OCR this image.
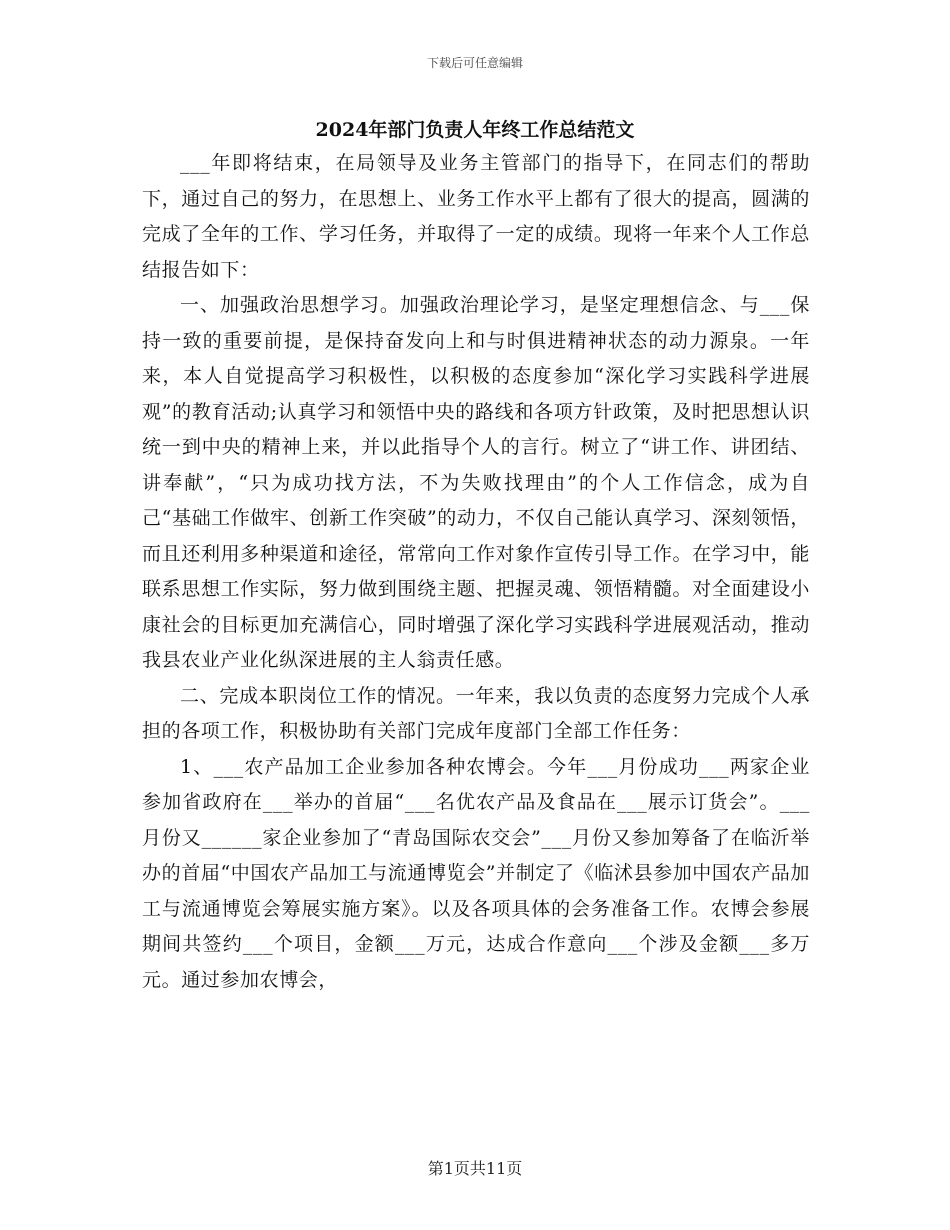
下载后可任意编辑
2024年部门负责人年终工作总结范文

___年即将结束，在局领导及业务主管部门的指导下，在同志们的帮助下，通过自己的努力，在思想上、业务工作水平上都有了很大的提高，圆满的完成了全年的工作、学习任务，并取得了一定的成绩。现将一年来个人工作总结报告如下：

一、加强政治思想学习。加强政治理论学习，是坚定理想信念、与___保持一致的重要前提，是保持奋发向上和与时俱进精神状态的动力源泉。一年来，本人自觉提高学习积极性，以积极的态度参加“深化学习实践科学进展观”的教育活动;认真学习和领悟中央的路线和各项方针政策，及时把思想认识统一到中央的精神上来，并以此指导个人的言行。树立了“讲工作、讲团结、讲奉献”，“只为成功找方法，不为失败找理由”的个人工作信念，成为自己“基础工作做牢、创新工作突破”的动力，不仅自己能认真学习、深刻领悟，而且还利用多种渠道和途径，常常向工作对象作宣传引导工作。在学习中，能联系思想工作实际，努力做到围绕主题、把握灵魂、领悟精髓。对全面建设小康社会的目标更加充满信心，同时增强了深化学习实践科学进展观活动，推动我县农业产业化纵深进展的主人翁责任感。

二、完成本职岗位工作的情况。一年来，我以负责的态度努力完成个人承担的各项工作，积极协助有关部门完成年度部门全部工作任务：

1、___农产品加工企业参加各种农博会。今年___月份成功___两家企业参加省政府在___举办的首届“___名优农产品及食品在___展示订货会”。___月份又______家企业参加了“青岛国际农交会”___月份又参加筹备了在临沂举办的首届“中国农产品加工与流通博览会”并制定了《临沭县参加中国农产品加工与流通博览会筹展实施方案》。以及各项具体的会务准备工作。农博会参展期间共签约___个项目，金额___万元，达成合作意向___个涉及金额___多万元。通过参加农博会，

第1页共11页
